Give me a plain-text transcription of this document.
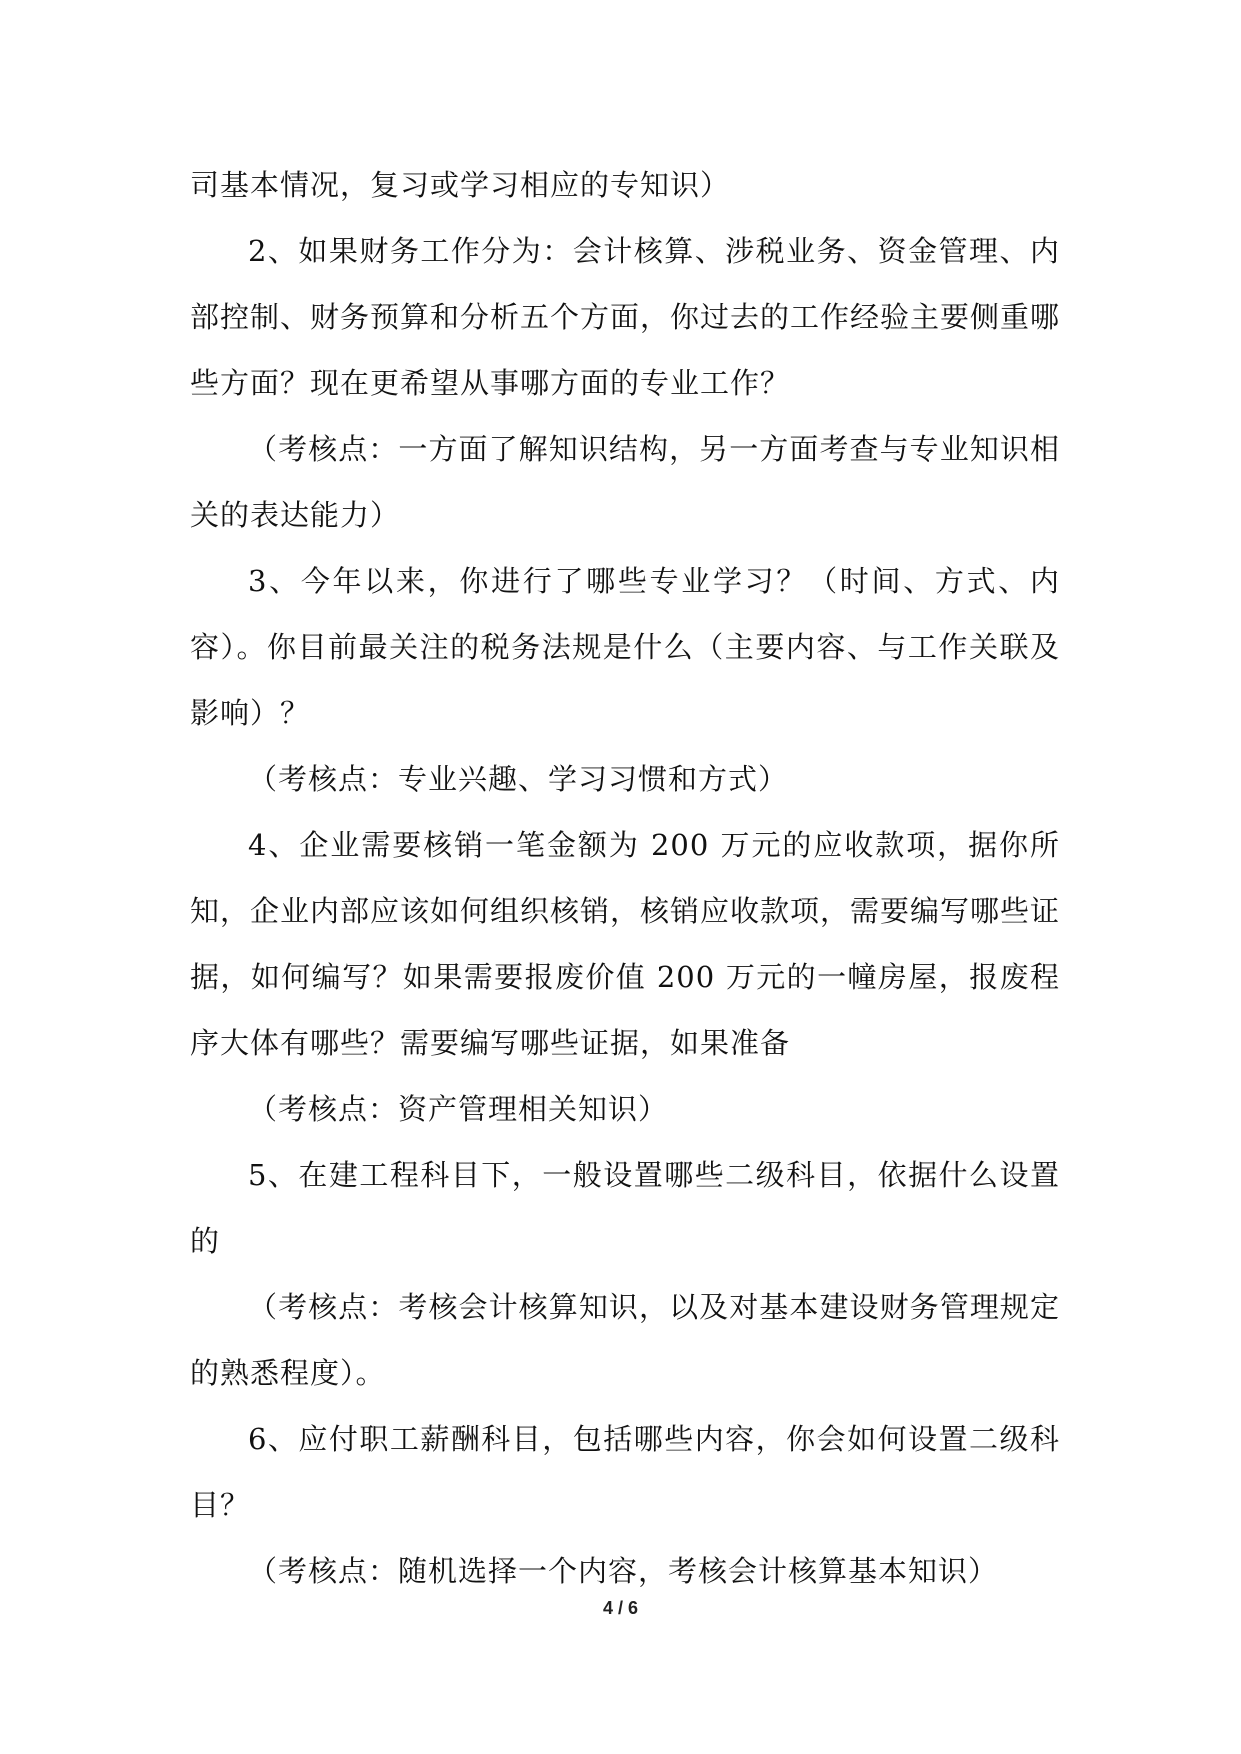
司基本情况，复习或学习相应的专知识）

2、如果财务工作分为：会计核算、涉税业务、资金管理、内部控制、财务预算和分析五个方面，你过去的工作经验主要侧重哪些方面？现在更希望从事哪方面的专业工作？

（考核点：一方面了解知识结构，另一方面考查与专业知识相关的表达能力）

3、今年以来，你进行了哪些专业学习？（时间、方式、内容）。你目前最关注的税务法规是什么（主要内容、与工作关联及影响）？

（考核点：专业兴趣、学习习惯和方式）

4、企业需要核销一笔金额为 200 万元的应收款项，据你所知，企业内部应该如何组织核销，核销应收款项，需要编写哪些证据，如何编写？如果需要报废价值 200 万元的一幢房屋，报废程序大体有哪些？需要编写哪些证据，如果准备

（考核点：资产管理相关知识）

5、在建工程科目下，一般设置哪些二级科目，依据什么设置的

（考核点：考核会计核算知识，以及对基本建设财务管理规定的熟悉程度）。

6、应付职工薪酬科目，包括哪些内容，你会如何设置二级科目？

（考核点：随机选择一个内容，考核会计核算基本知识）

4 / 6
